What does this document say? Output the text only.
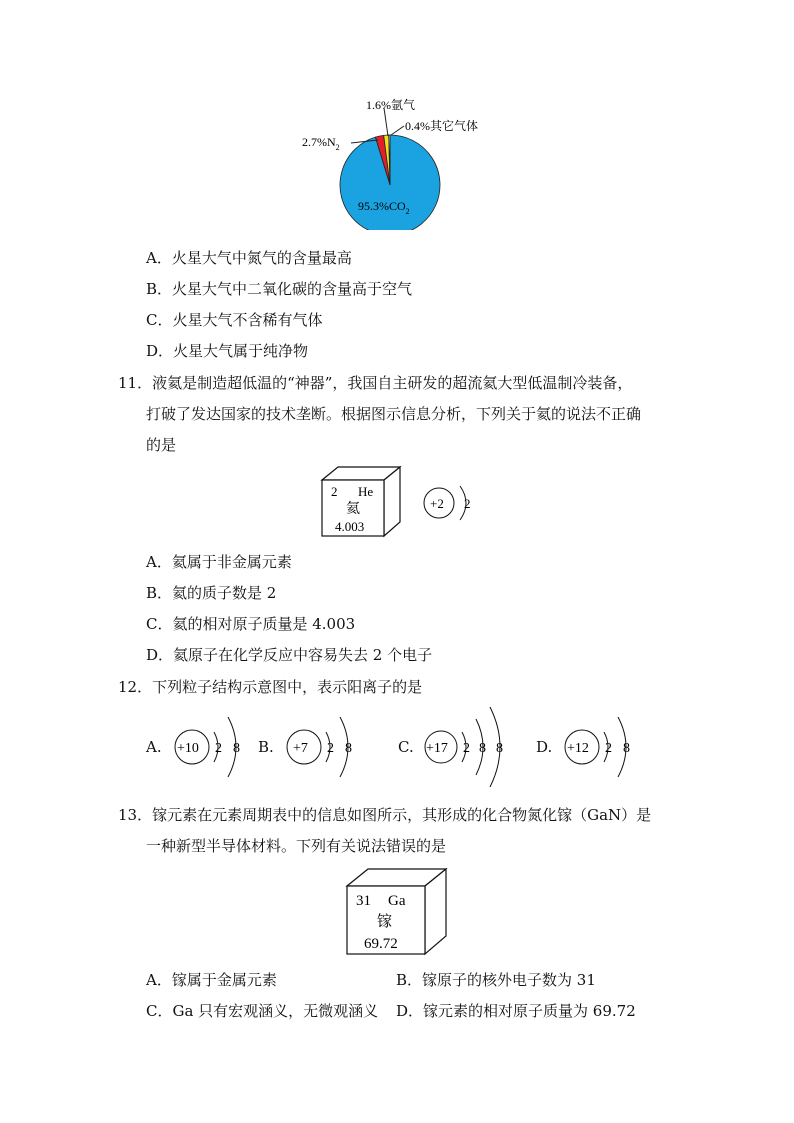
1.6%氩气
0.4%其它气体
$2.7\%N_2$
$95.3\%CO_2$
A．火星大气中氮气的含量最高
B．火星大气中二氧化碳的含量高于空气
C．火星大气不含稀有气体
D．火星大气属于纯净物
11．液氦是制造超低温的“神器”，我国自主研发的超流氦大型低温制冷装备，
打破了发达国家的技术垄断。根据图示信息分析，下列关于氦的说法不正确
的是
2 He
氦
4.003
+2 2
A．氦属于非金属元素
B．氦的质子数是 2
C．氦的相对原子质量是 4.003
D．氦原子在化学反应中容易失去 2 个电子
12．下列粒子结构示意图中，表示阳离子的是
A. +10 2 8 B. +7 2 8	C. +17 2 8 8 D. +12 2 8
13．镓元素在元素周期表中的信息如图所示，其形成的化合物氮化镓（GaN）是
一种新型半导体材料。下列有关说法错误的是
31 Ga
镓
69.72
A．镓属于金属元素	B．镓原子的核外电子数为 31
C．Ga 只有宏观涵义，无微观涵义 D．镓元素的相对原子质量为 69.72
